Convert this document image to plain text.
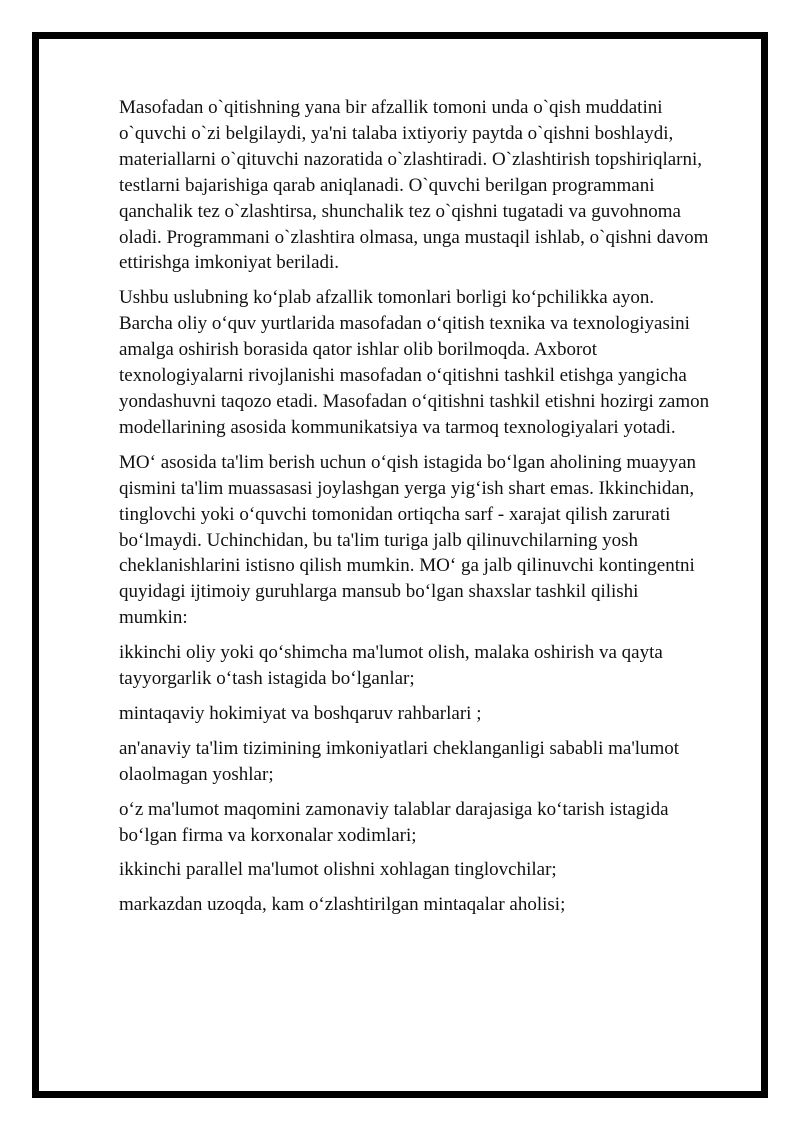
Masofadan o`qitishning yana bir afzallik tomoni unda o`qish muddatini o`quvchi o`zi belgilaydi, ya'ni talaba ixtiyoriy paytda o`qishni boshlaydi, materiallarni o`qituvchi nazoratida o`zlashtiradi. O`zlashtirish topshiriqlarni, testlarni bajarishiga qarab aniqlanadi. O`quvchi berilgan programmani qanchalik tez o`zlashtirsa, shunchalik tez o`qishni tugatadi va guvohnoma oladi. Programmani o`zlashtira olmasa, unga mustaqil ishlab, o`qishni davom ettirishga imkoniyat beriladi.

Ushbu uslubning ko‘plab afzallik tomonlari borligi ko‘pchilikka ayon. Barcha oliy o‘quv yurtlarida masofadan o‘qitish texnika va texnologiyasini amalga oshirish borasida qator ishlar olib borilmoqda. Axborot texnologiyalarni rivojlanishi masofadan o‘qitishni tashkil etishga yangicha yondashuvni taqozo etadi. Masofadan o‘qitishni tashkil etishni hozirgi zamon modellarining asosida kommunikatsiya va tarmoq texnologiyalari yotadi.

MO‘ asosida ta'lim berish uchun o‘qish istagida bo‘lgan aholining muayyan qismini ta'lim muassasasi joylashgan yerga yig‘ish shart emas. Ikkinchidan, tinglovchi yoki o‘quvchi tomonidan ortiqcha sarf - xarajat qilish zarurati bo‘lmaydi. Uchinchidan, bu ta'lim turiga jalb qilinuvchilarning yosh cheklanishlarini istisno qilish mumkin. MO‘ ga jalb qilinuvchi kontingentni quyidagi ijtimoiy guruhlarga mansub bo‘lgan shaxslar tashkil qilishi mumkin:

ikkinchi oliy yoki qo‘shimcha ma'lumot olish, malaka oshirish va qayta tayyorgarlik o‘tash istagida bo‘lganlar;

mintaqaviy hokimiyat va boshqaruv rahbarlari ;

an'anaviy ta'lim tizimining imkoniyatlari cheklanganligi sababli ma'lumot olaolmagan yoshlar;

o‘z ma'lumot maqomini zamonaviy talablar darajasiga ko‘tarish istagida bo‘lgan firma va korxonalar xodimlari;

ikkinchi parallel ma'lumot olishni xohlagan tinglovchilar;

markazdan uzoqda, kam o‘zlashtirilgan mintaqalar aholisi;
